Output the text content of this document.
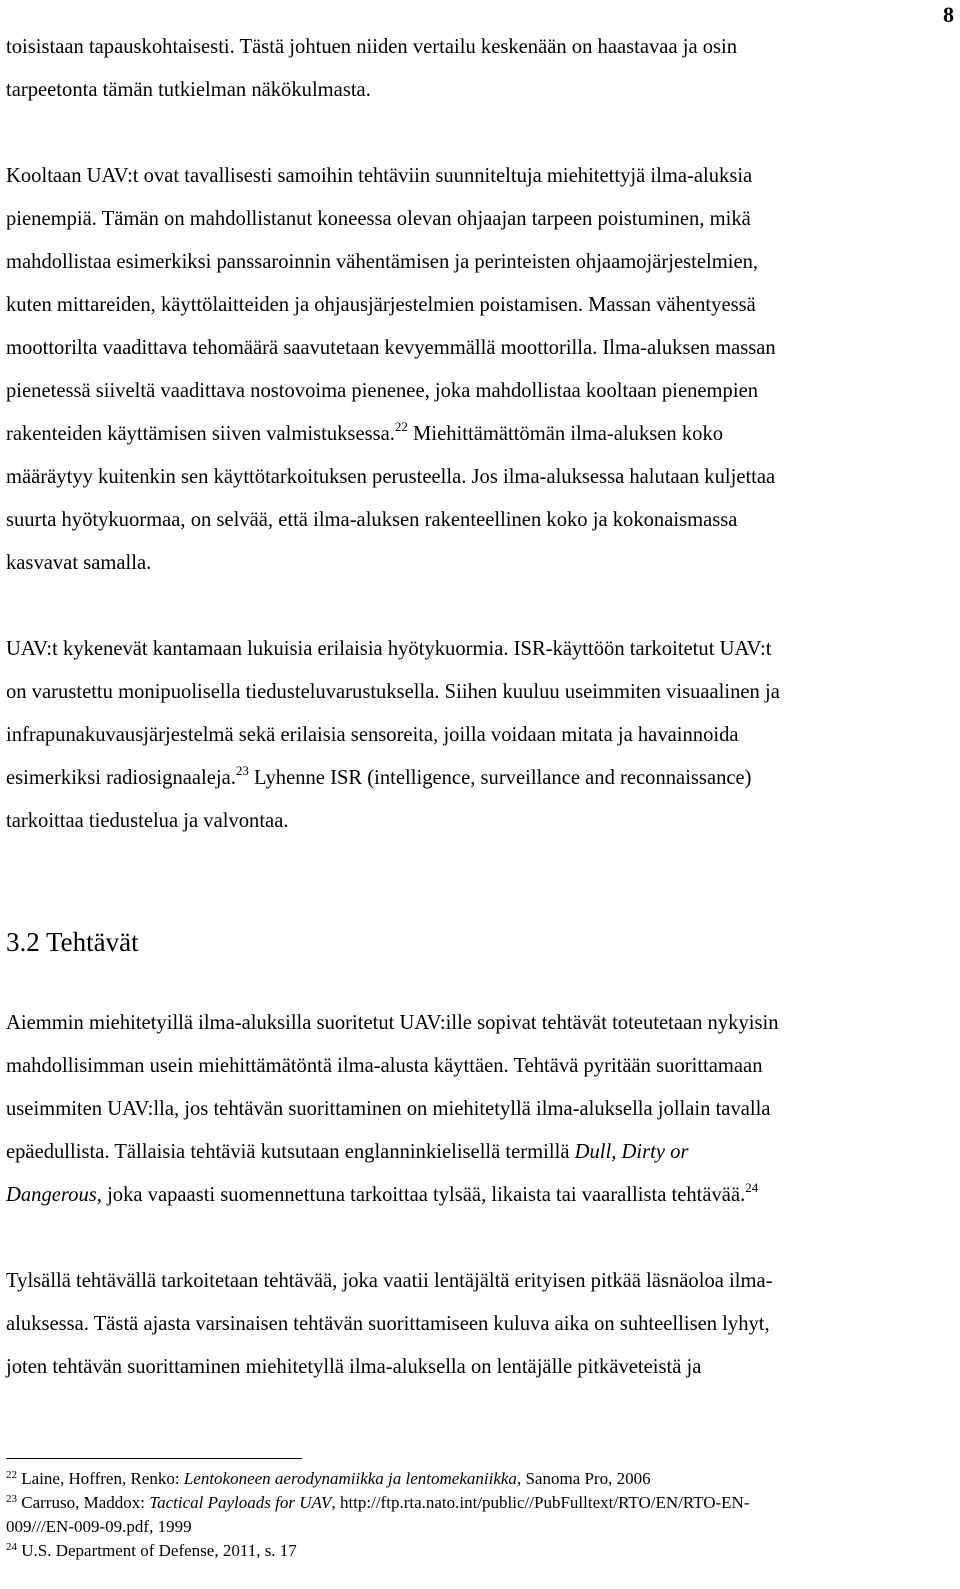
8
toisistaan tapauskohtaisesti. Tästä johtuen niiden vertailu keskenään on haastavaa ja osin
tarpeetonta tämän tutkielman näkökulmasta.
Kooltaan UAV:t ovat tavallisesti samoihin tehtäviin suunniteltuja miehitettyjä ilma-aluksia
pienempiä. Tämän on mahdollistanut koneessa olevan ohjaajan tarpeen poistuminen, mikä
mahdollistaa esimerkiksi panssaroinnin vähentämisen ja perinteisten ohjaamojärjestelmien,
kuten mittareiden, käyttölaitteiden ja ohjausjärjestelmien poistamisen. Massan vähentyessä
moottorilta vaadittava tehomäärä saavutetaan kevyemmällä moottorilla. Ilma-aluksen massan
pienetessä siiveltä vaadittava nostovoima pienenee, joka mahdollistaa kooltaan pienempien
rakenteiden käyttämisen siiven valmistuksessa.$^{22}$ Miehittämättömän ilma-aluksen koko
määräytyy kuitenkin sen käyttötarkoituksen perusteella. Jos ilma-aluksessa halutaan kuljettaa
suurta hyötykuormaa, on selvää, että ilma-aluksen rakenteellinen koko ja kokonaismassa
kasvavat samalla.
UAV:t kykenevät kantamaan lukuisia erilaisia hyötykuormia. ISR-käyttöön tarkoitetut UAV:t
on varustettu monipuolisella tiedusteluvarustuksella. Siihen kuuluu useimmiten visuaalinen ja
infrapunakuvausjärjestelmä sekä erilaisia sensoreita, joilla voidaan mitata ja havainnoida
esimerkiksi radiosignaaleja.$^{23}$ Lyhenne ISR (intelligence, surveillance and reconnaissance)
tarkoittaa tiedustelua ja valvontaa.
3.2 Tehtävät
Aiemmin miehitetyillä ilma-aluksilla suoritetut UAV:ille sopivat tehtävät toteutetaan nykyisin
mahdollisimman usein miehittämätöntä ilma-alusta käyttäen. Tehtävä pyritään suorittamaan
useimmiten UAV:lla, jos tehtävän suorittaminen on miehitetyllä ilma-aluksella jollain tavalla
epäedullista. Tällaisia tehtäviä kutsutaan englanninkielisellä termillä Dull, Dirty or
Dangerous, joka vapaasti suomennettuna tarkoittaa tylsää, likaista tai vaarallista tehtävää.$^{24}$
Tylsällä tehtävällä tarkoitetaan tehtävää, joka vaatii lentäjältä erityisen pitkää läsnäoloa ilma-
aluksessa. Tästä ajasta varsinaisen tehtävän suorittamiseen kuluva aika on suhteellisen lyhyt,
joten tehtävän suorittaminen miehitetyllä ilma-aluksella on lentäjälle pitkäveteistä ja
$^{22}$ Laine, Hoffren, Renko: Lentokoneen aerodynamiikka ja lentomekaniikka, Sanoma Pro, 2006
$^{23}$ Carruso, Maddox: Tactical Payloads for UAV, http://ftp.rta.nato.int/public//PubFulltext/RTO/EN/RTO-EN-
009///EN-009-09.pdf, 1999
$^{24}$ U.S. Department of Defense, 2011, s. 17
